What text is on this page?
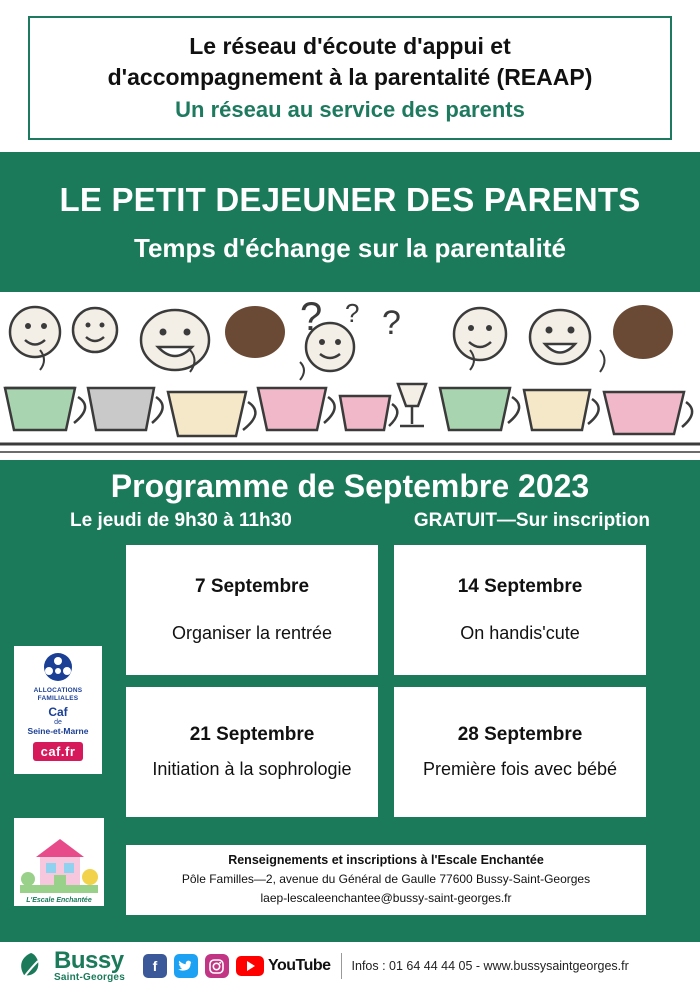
Le réseau d'écoute d'appui et
d'accompagnement à la parentalité (REAAP)
Un réseau au service des parents
LE PETIT DEJEUNER DES PARENTS
Temps d'échange sur la parentalité
? ? ?
Programme de Septembre 2023
Le jeudi de 9h30 à 11h30	GRATUIT—Sur inscription
7 Septembre
Organiser la rentrée
14 Septembre
On handis'cute
21 Septembre
Initiation à la sophrologie
28 Septembre
Première fois avec bébé
Renseignements et inscriptions à l'Escale Enchantée
Pôle Familles—2, avenue du Général de Gaulle 77600 Bussy-Saint-Georges
laep-lescaleenchantee@bussy-saint-georges.fr
ALLOCATIONS FAMILIALES
Caf
de
Seine-et-Marne
caf.fr
L'Escale Enchantée
Bussy
Saint-Georges
f	YouTube Infos : 01 64 44 44 05 - www.bussysaintgeorges.fr
